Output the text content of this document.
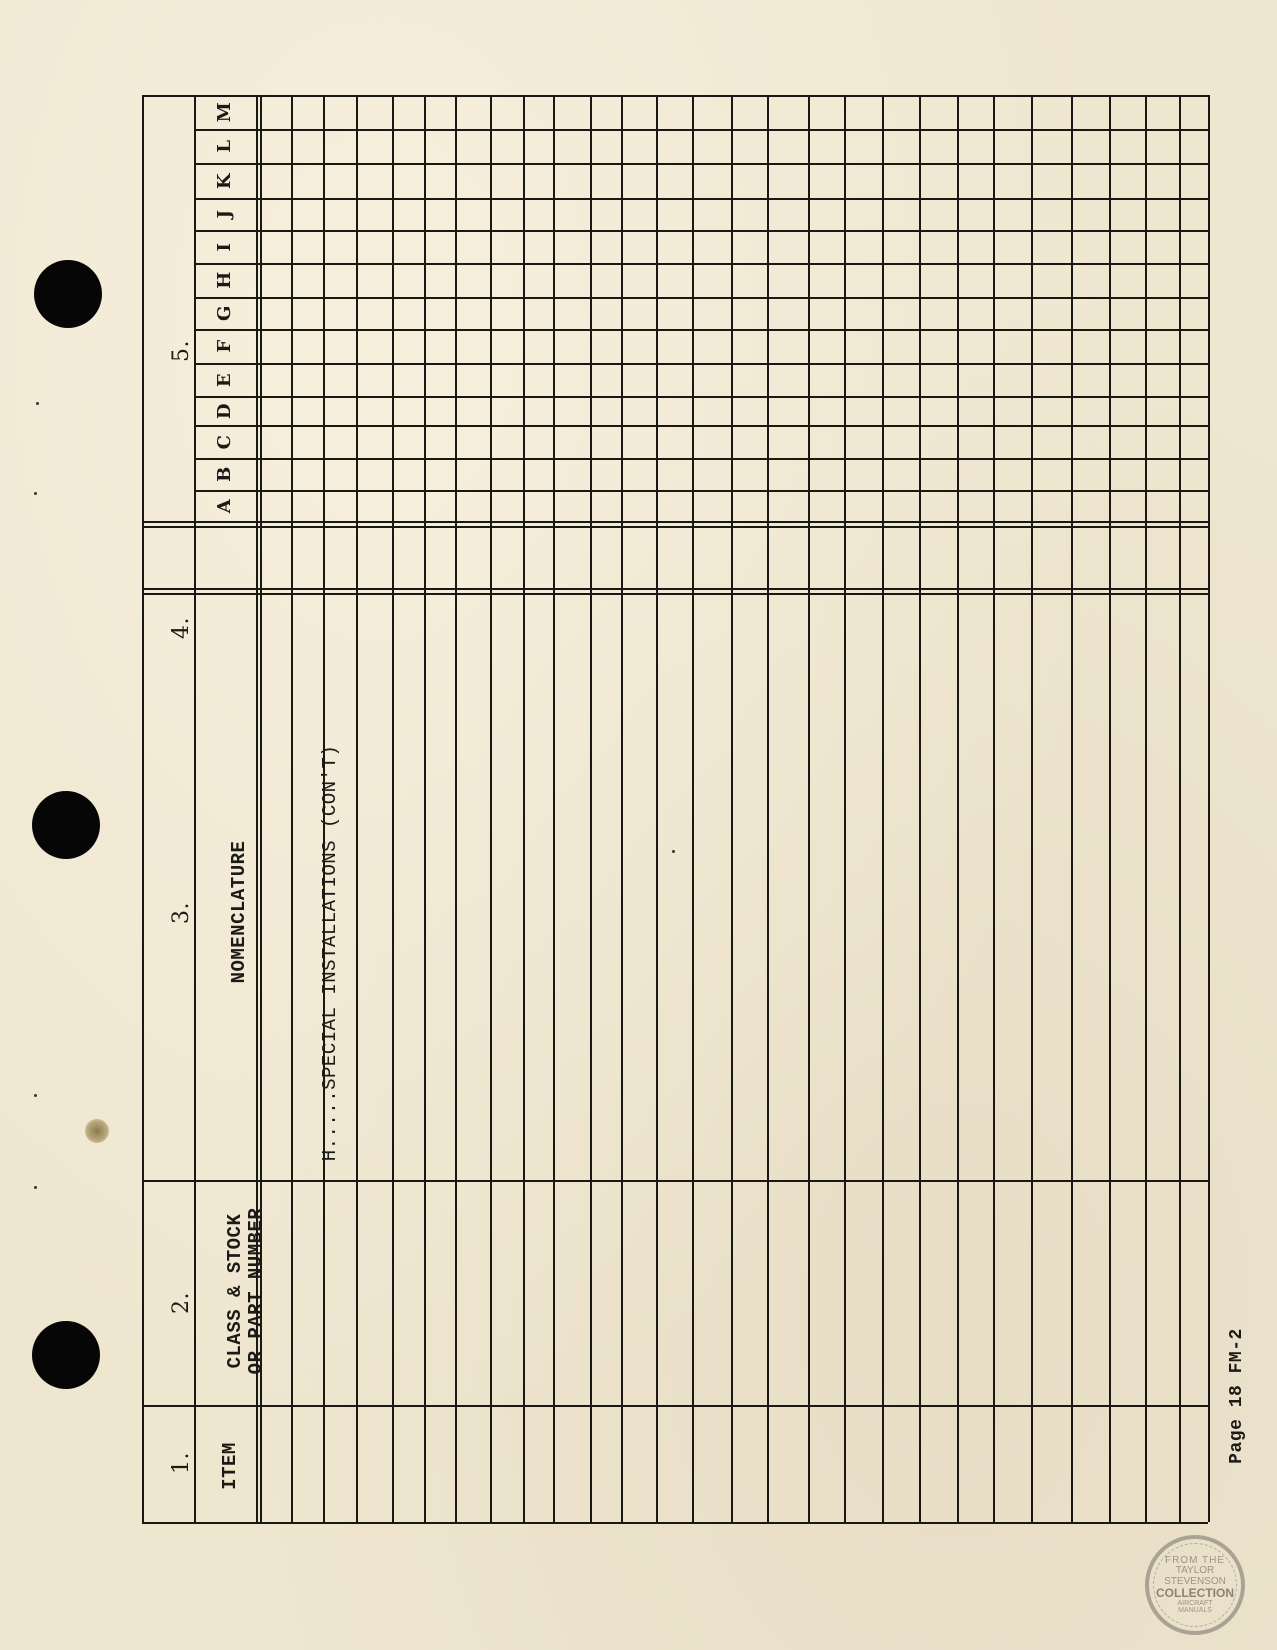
5.
4.
3.
2.
1.
NOMENCLATURE
CLASS & STOCK OR PART NUMBER
ITEM
A
B
C
D
E
F
G
H
I
J
K
L
M
H.....SPECIAL INSTALLATIONS (CON'T)
Page 18 FM-2
FROM THE
TAYLOR
STEVENSON
COLLECTION
AIRCRAFT
MANUALS
